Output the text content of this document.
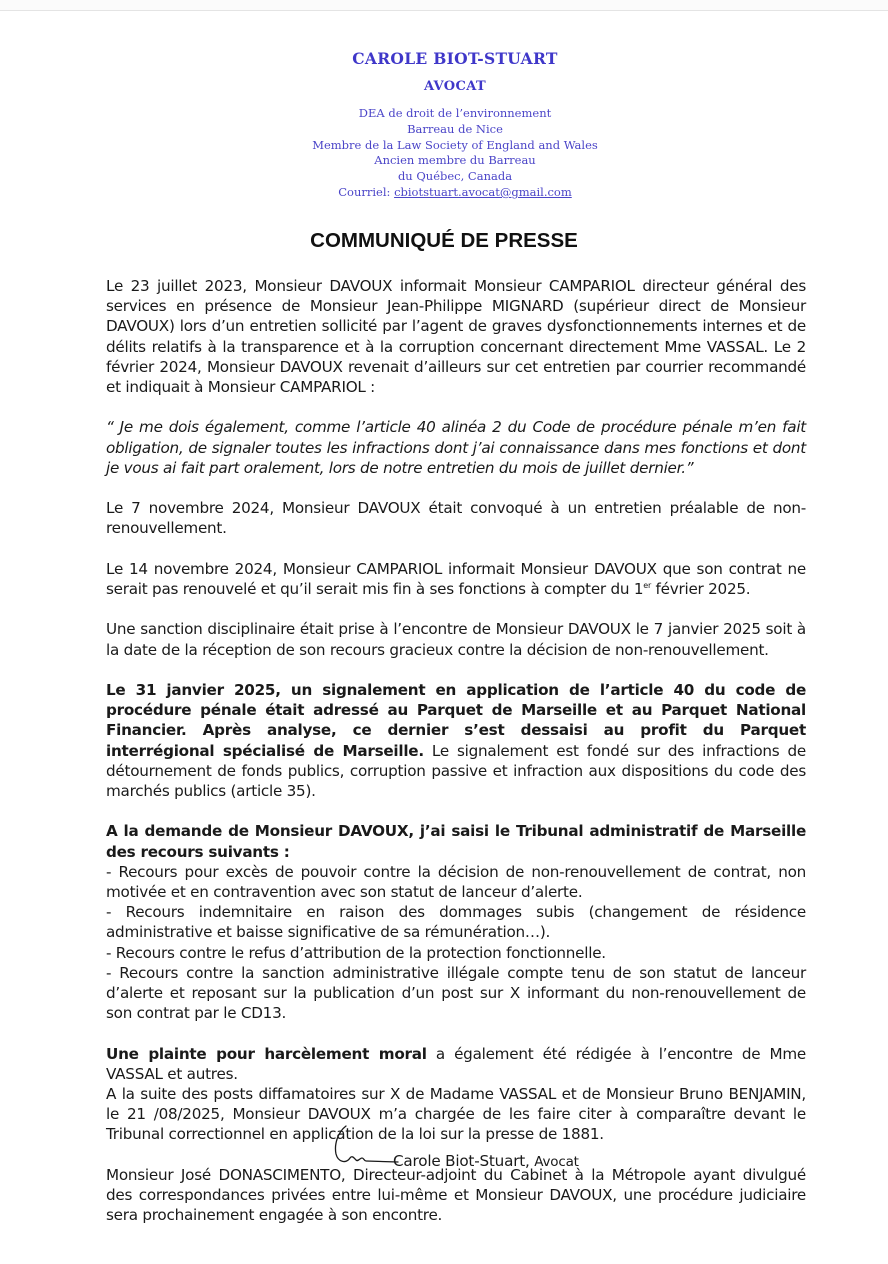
CAROLE BIOT-STUART
AVOCAT
DEA de droit de l’environnement
Barreau de Nice
Membre de la Law Society of England and Wales
Ancien membre du Barreau
du Québec, Canada
Courriel: cbiotstuart.avocat@gmail.com
COMMUNIQUÉ DE PRESSE

Le 23 juillet 2023, Monsieur DAVOUX informait Monsieur CAMPARIOL directeur général des services en présence de Monsieur Jean-Philippe MIGNARD (supérieur direct de Monsieur DAVOUX) lors d’un entretien sollicité par l’agent de graves dysfonctionnements internes et de délits relatifs à la transparence et à la corruption concernant directement Mme VASSAL. Le 2 février 2024, Monsieur DAVOUX revenait d’ailleurs sur cet entretien par courrier recommandé et indiquait à Monsieur CAMPARIOL :

“ Je me dois également, comme l’article 40 alinéa 2 du Code de procédure pénale m’en fait obligation, de signaler toutes les infractions dont j’ai connaissance dans mes fonctions et dont je vous ai fait part oralement, lors de notre entretien du mois de juillet dernier.”

Le 7 novembre 2024, Monsieur DAVOUX était convoqué à un entretien préalable de non-renouvellement.

Le 14 novembre 2024, Monsieur CAMPARIOL informait Monsieur DAVOUX que son contrat ne serait pas renouvelé et qu’il serait mis fin à ses fonctions à compter du 1er février 2025.

Une sanction disciplinaire était prise à l’encontre de Monsieur DAVOUX le 7 janvier 2025 soit à la date de la réception de son recours gracieux contre la décision de non-renouvellement.

Le 31 janvier 2025, un signalement en application de l’article 40 du code de procédure pénale était adressé au Parquet de Marseille et au Parquet National Financier. Après analyse, ce dernier s’est dessaisi au profit du Parquet interrégional spécialisé de Marseille. Le signalement est fondé sur des infractions de détournement de fonds publics, corruption passive et infraction aux dispositions du code des marchés publics (article 35).

A la demande de Monsieur DAVOUX, j’ai saisi le Tribunal administratif de Marseille des recours suivants :

- Recours pour excès de pouvoir contre la décision de non-renouvellement de contrat, non motivée et en contravention avec son statut de lanceur d’alerte.

- Recours indemnitaire en raison des dommages subis (changement de résidence administrative et baisse significative de sa rémunération…).

- Recours contre le refus d’attribution de la protection fonctionnelle.

- Recours contre la sanction administrative illégale compte tenu de son statut de lanceur d’alerte et reposant sur la publication d’un post sur X informant du non-renouvellement de son contrat par le CD13.

Une plainte pour harcèlement moral a également été rédigée à l’encontre de Mme VASSAL et autres.

A la suite des posts diffamatoires sur X de Madame VASSAL et de Monsieur Bruno BENJAMIN, le 21 /08/2025, Monsieur DAVOUX m’a chargée de les faire citer à comparaître devant le Tribunal correctionnel en application de la loi sur la presse de 1881.

Monsieur José DONASCIMENTO, Directeur-adjoint du Cabinet à la Métropole ayant divulgué des correspondances privées entre lui-même et Monsieur DAVOUX, une procédure judiciaire sera prochainement engagée à son encontre.

Carole Biot-Stuart, Avocat
